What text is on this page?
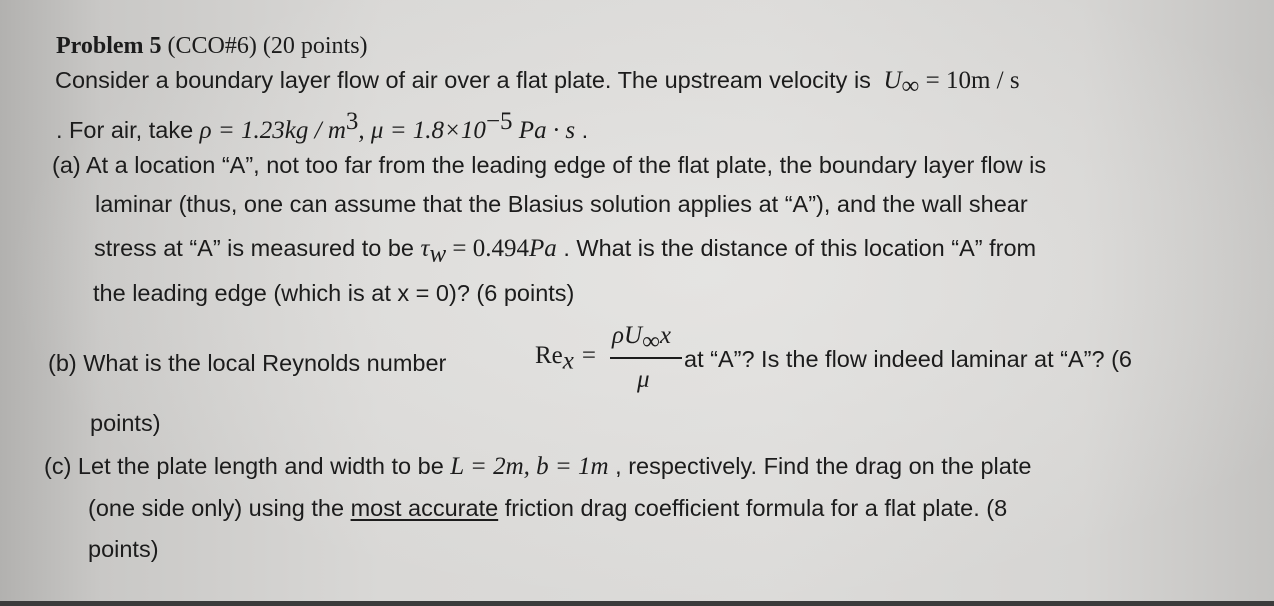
Problem 5 (CCO#6) (20 points)
Consider a boundary layer flow of air over a flat plate. The upstream velocity is $U_\infty = 10m / s$
. For air, take $\rho = 1.23kg / m^3$, $\mu = 1.8\times 10^{-5}$ Pa · s .
(a) At a location “A”, not too far from the leading edge of the flat plate, the boundary layer flow is
laminar (thus, one can assume that the Blasius solution applies at “A”), and the wall shear
stress at “A” is measured to be $\tau_w = 0.494Pa$ . What is the distance of this location “A” from
the leading edge (which is at x = 0)? (6 points)
(b) What is the local Reynolds number	$Re_x$ =
$\rho U_\infty x$
μ
at “A”? Is the flow indeed laminar at “A”? (6
points)
(c) Let the plate length and width to be L = 2m, b = 1m , respectively. Find the drag on the plate
(one side only) using the most accurate friction drag coefficient formula for a flat plate. (8
points)
